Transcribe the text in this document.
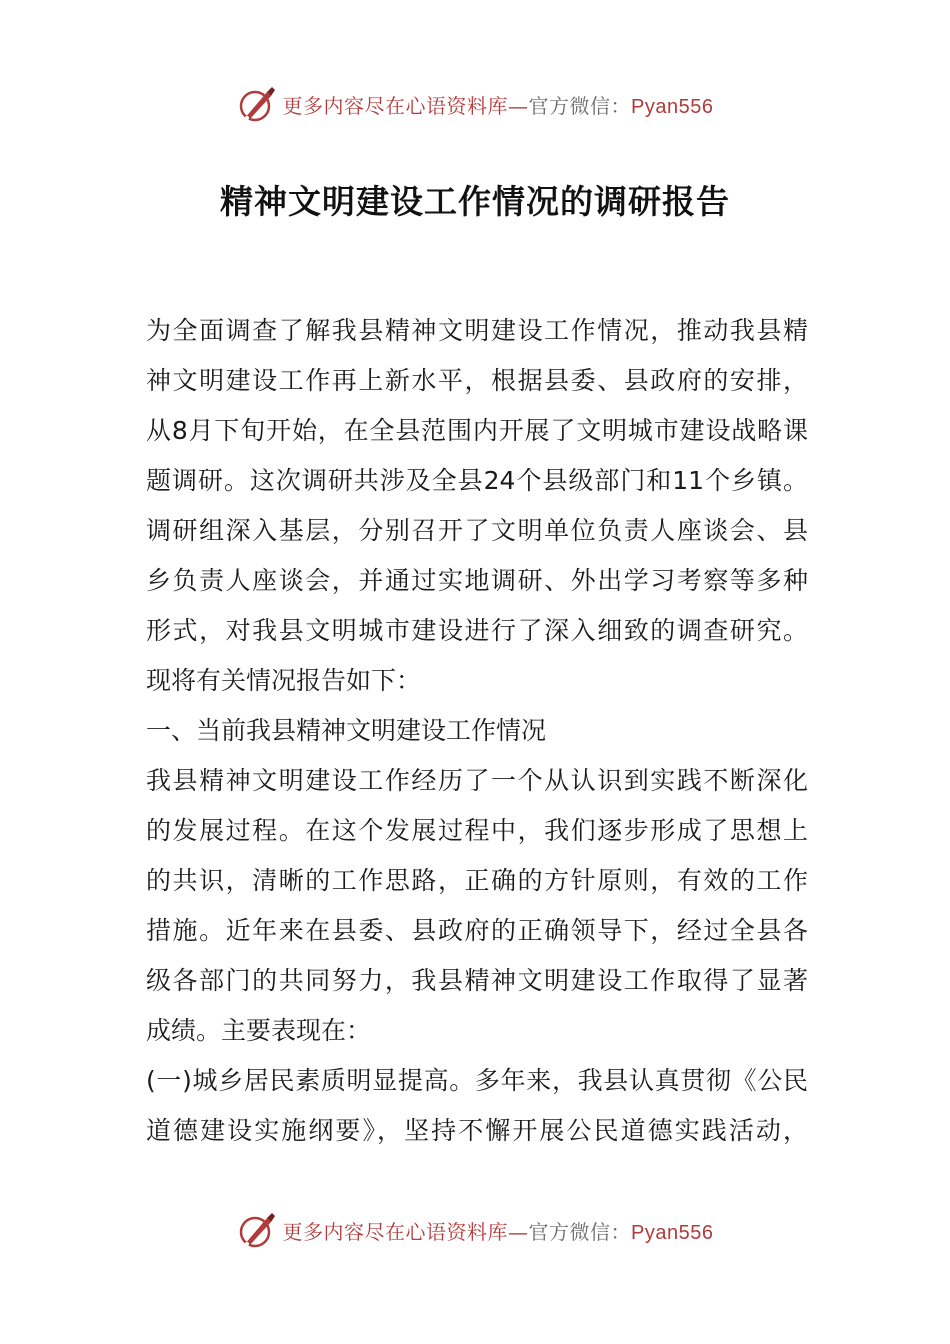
更多内容尽在心语资料库—官方微信：Pyan556
精神文明建设工作情况的调研报告
为全面调查了解我县精神文明建设工作情况，推动我县精
神文明建设工作再上新水平，根据县委、县政府的安排，
从8月下旬开始，在全县范围内开展了文明城市建设战略课
题调研。这次调研共涉及全县24个县级部门和11个乡镇。
调研组深入基层，分别召开了文明单位负责人座谈会、县
乡负责人座谈会，并通过实地调研、外出学习考察等多种
形式，对我县文明城市建设进行了深入细致的调查研究。
现将有关情况报告如下：
一、当前我县精神文明建设工作情况
我县精神文明建设工作经历了一个从认识到实践不断深化
的发展过程。在这个发展过程中，我们逐步形成了思想上
的共识，清晰的工作思路，正确的方针原则，有效的工作
措施。近年来在县委、县政府的正确领导下，经过全县各
级各部门的共同努力，我县精神文明建设工作取得了显著
成绩。主要表现在：
(一)城乡居民素质明显提高。多年来，我县认真贯彻《公民
道德建设实施纲要》，坚持不懈开展公民道德实践活动，
更多内容尽在心语资料库—官方微信：Pyan556
